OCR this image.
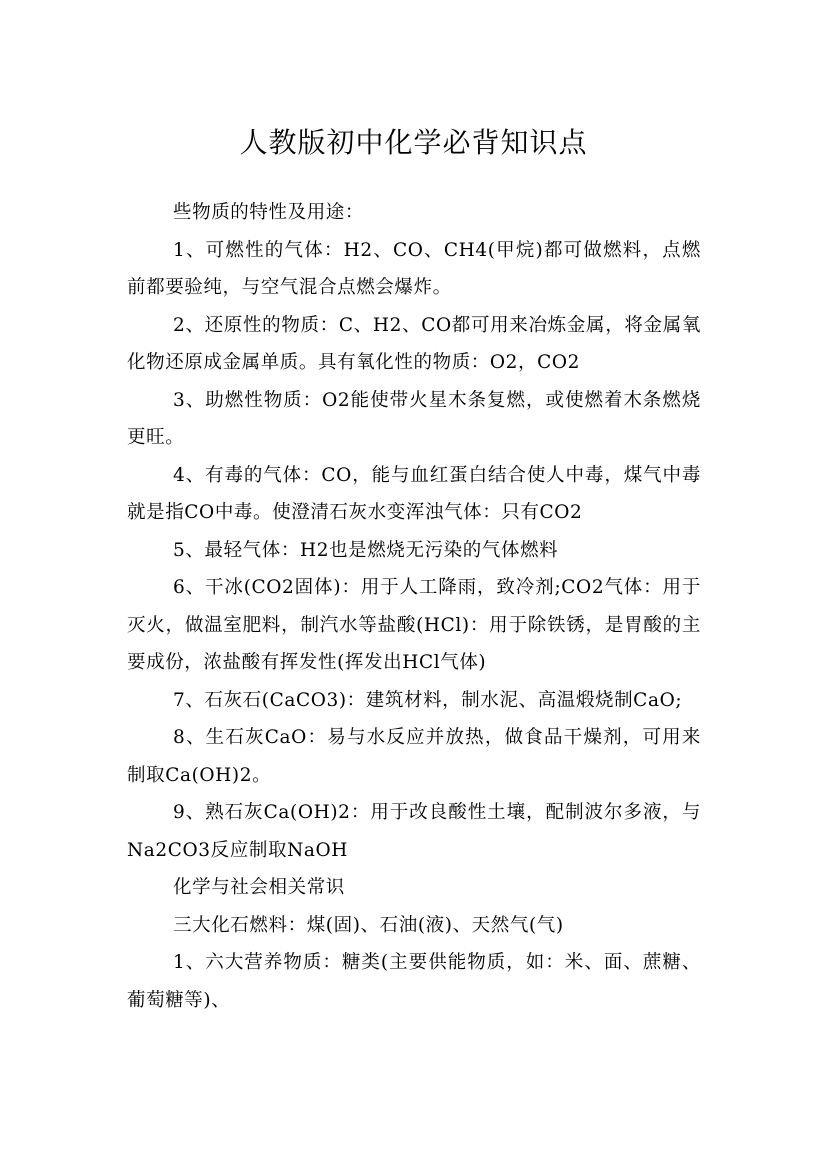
人教版初中化学必背知识点

些物质的特性及用途：

1、可燃性的气体：H2、CO、CH4(甲烷)都可做燃料，点燃前都要验纯，与空气混合点燃会爆炸。

2、还原性的物质：C、H2、CO都可用来冶炼金属，将金属氧化物还原成金属单质。具有氧化性的物质：O2，CO2

3、助燃性物质：O2能使带火星木条复燃，或使燃着木条燃烧更旺。

4、有毒的气体：CO，能与血红蛋白结合使人中毒，煤气中毒就是指CO中毒。使澄清石灰水变浑浊气体：只有CO2

5、最轻气体：H2也是燃烧无污染的气体燃料

6、干冰(CO2固体)：用于人工降雨，致冷剂;CO2气体：用于灭火，做温室肥料，制汽水等盐酸(HCl)：用于除铁锈，是胃酸的主要成份，浓盐酸有挥发性(挥发出HCl气体)

7、石灰石(CaCO3)：建筑材料，制水泥、高温煅烧制CaO;

8、生石灰CaO：易与水反应并放热，做食品干燥剂，可用来制取Ca(OH)2。

9、熟石灰Ca(OH)2：用于改良酸性土壤，配制波尔多液，与Na2CO3反应制取NaOH

化学与社会相关常识

三大化石燃料：煤(固)、石油(液)、天然气(气)

1、六大营养物质：糖类(主要供能物质，如：米、面、蔗糖、葡萄糖等)、
